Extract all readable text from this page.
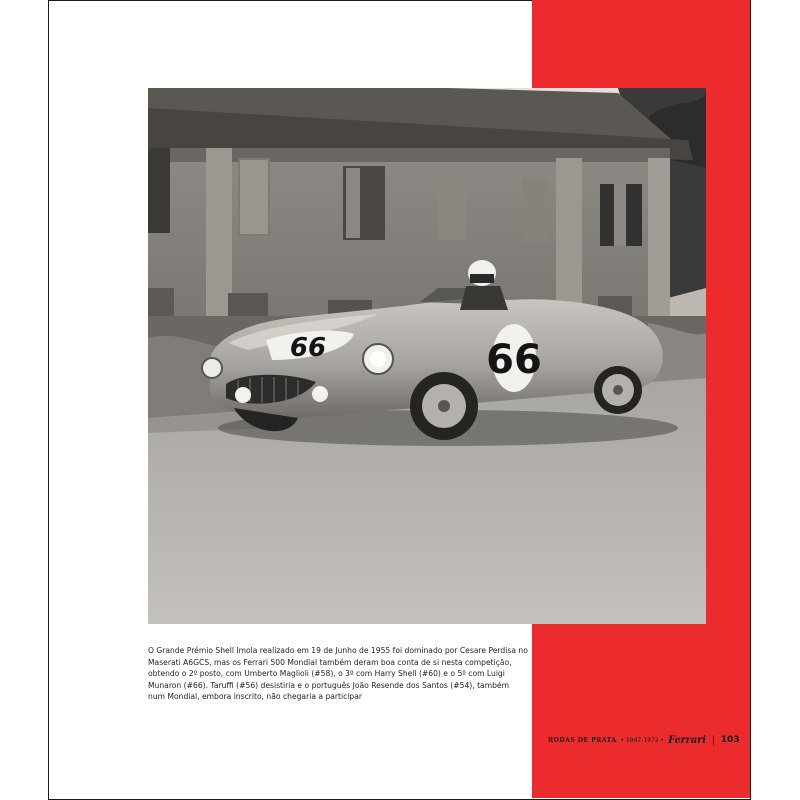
66	66

O Grande Prémio Shell Imola realizado em 19 de Junho de 1955 foi dominado por Cesare Perdisa no Maserati A6GCS, mas os Ferrari 500 Mondial também deram boa conta de si nesta competição, obtendo o 2º posto, com Umberto Maglioli (#58), o 3º com Harry Shell (#60) e o 5º com Luigi Munaron (#66). Taruffi (#56) desistiria e o português João Resende dos Santos (#54), também num Mondial, embora inscrito, não chegaria a participar

RODAS DE PRATA • 1947-1972 • Ferrari 103
